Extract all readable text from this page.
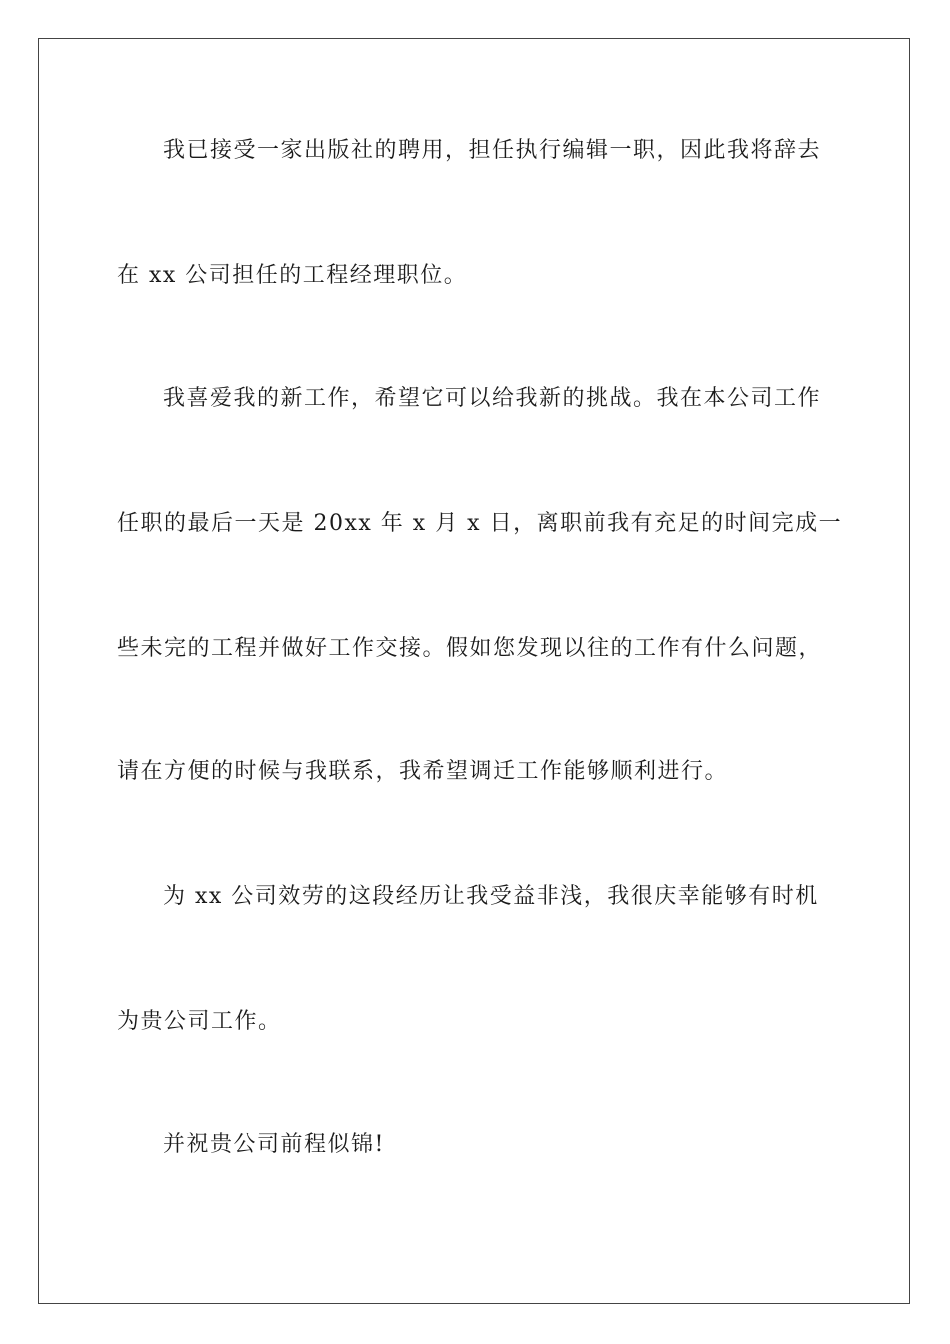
我已接受一家出版社的聘用，担任执行编辑一职，因此我将辞去
在 xx 公司担任的工程经理职位。
我喜爱我的新工作，希望它可以给我新的挑战。我在本公司工作
任职的最后一天是 20xx 年 x 月 x 日，离职前我有充足的时间完成一
些未完的工程并做好工作交接。假如您发现以往的工作有什么问题，
请在方便的时候与我联系，我希望调迁工作能够顺利进行。
为 xx 公司效劳的这段经历让我受益非浅，我很庆幸能够有时机
为贵公司工作。
并祝贵公司前程似锦!
